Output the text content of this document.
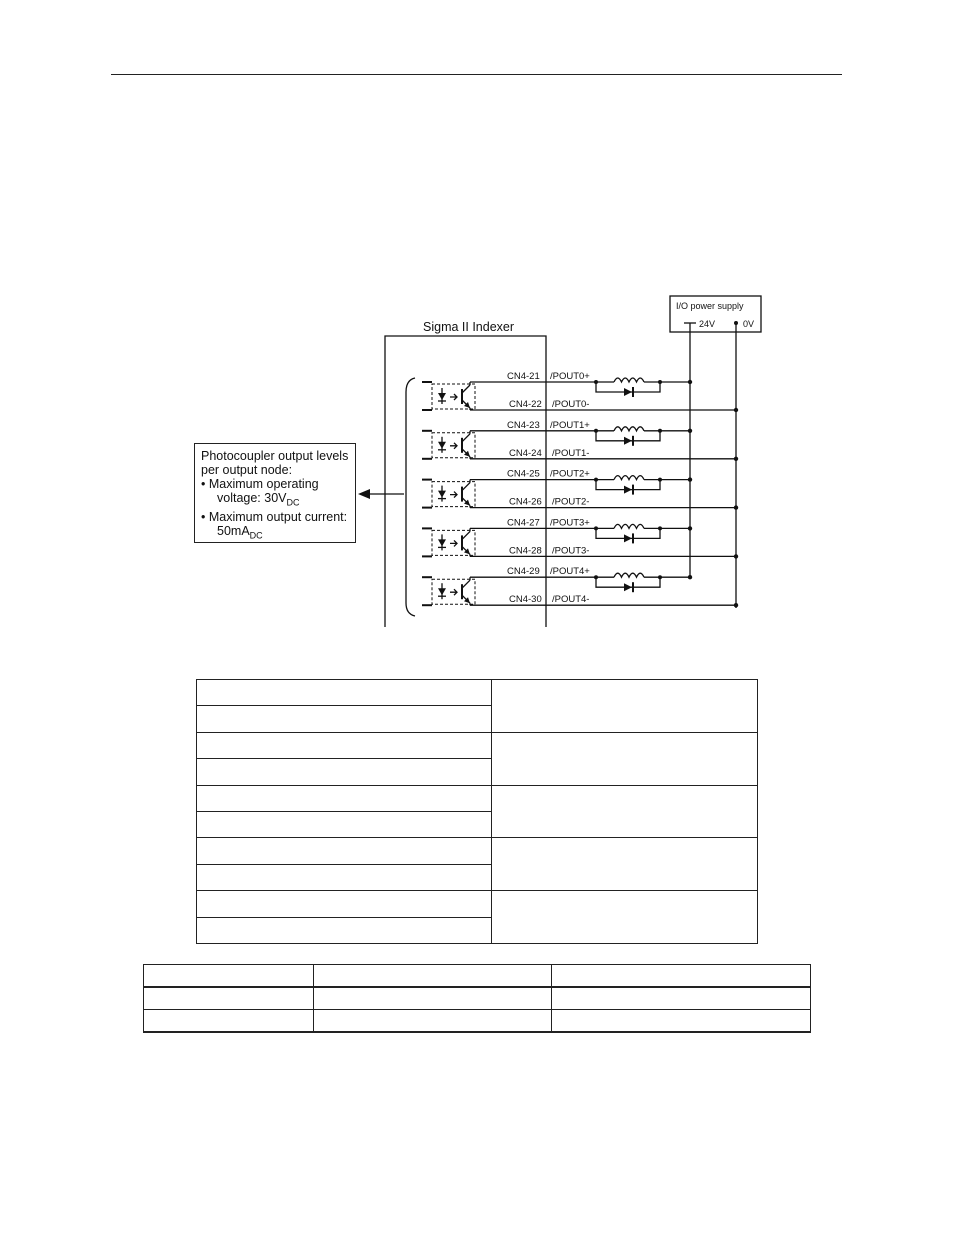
Sigma II Indexer
I/O power supply
24V	0V
CN4-21 /POUT0+
CN4-22 /POUT0-
CN4-23 /POUT1+
CN4-24 /POUT1-
CN4-25 /POUT2+
CN4-26 /POUT2-
CN4-27 /POUT3+
CN4-28 /POUT3-
CN4-29 /POUT4+
CN4-30 /POUT4-
Photocoupler output levels
per output node:
• Maximum operating
voltage: $30V_{DC}$
• Maximum output current:
$50mA_{DC}$
